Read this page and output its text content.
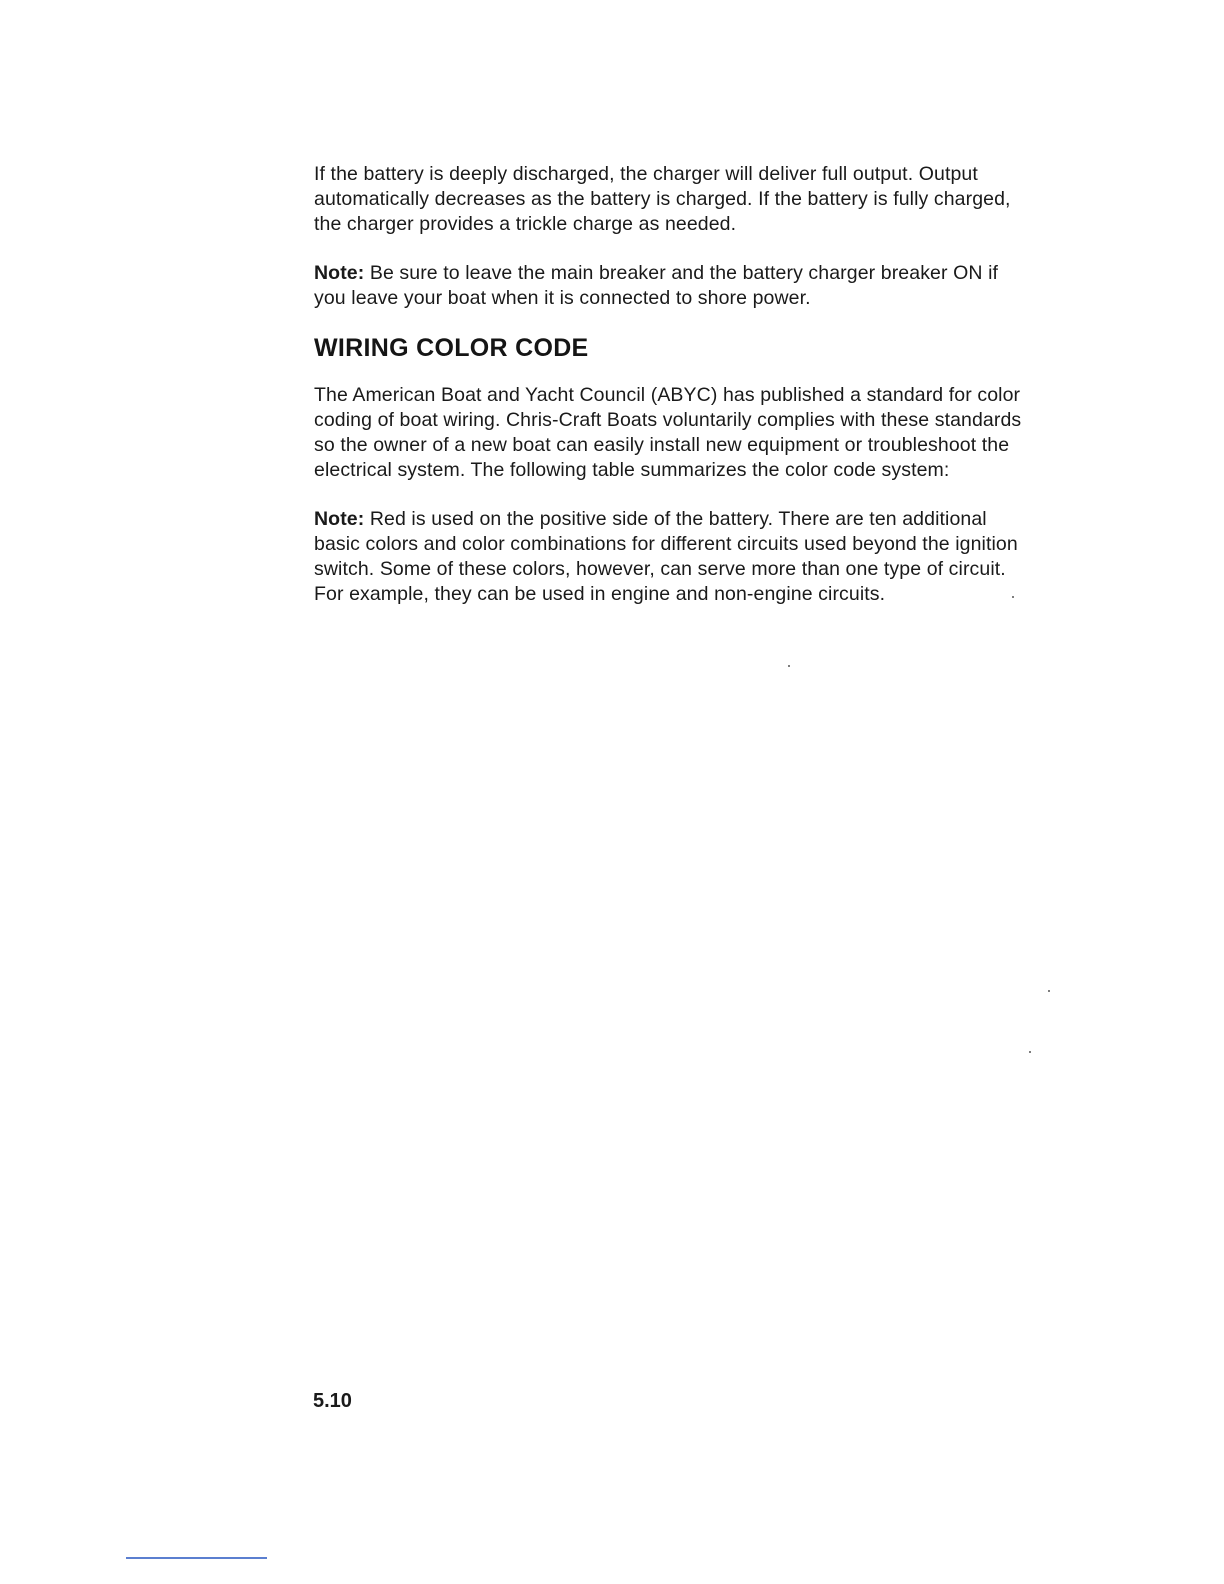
If the battery is deeply discharged, the charger will deliver full output. Output automatically decreases as the battery is charged. If the battery is fully charged, the charger provides a trickle charge as needed.

Note: Be sure to leave the main breaker and the battery charger breaker ON if you leave your boat when it is connected to shore power.

WIRING COLOR CODE

The American Boat and Yacht Council (ABYC) has published a standard for color coding of boat wiring. Chris-Craft Boats voluntarily complies with these standards so the owner of a new boat can easily install new equipment or troubleshoot the electrical system. The following table summarizes the color code system:

Note: Red is used on the positive side of the battery. There are ten additional basic colors and color combinations for different circuits used beyond the ignition switch. Some of these colors, however, can serve more than one type of circuit. For example, they can be used in engine and non-engine circuits.

5.10
